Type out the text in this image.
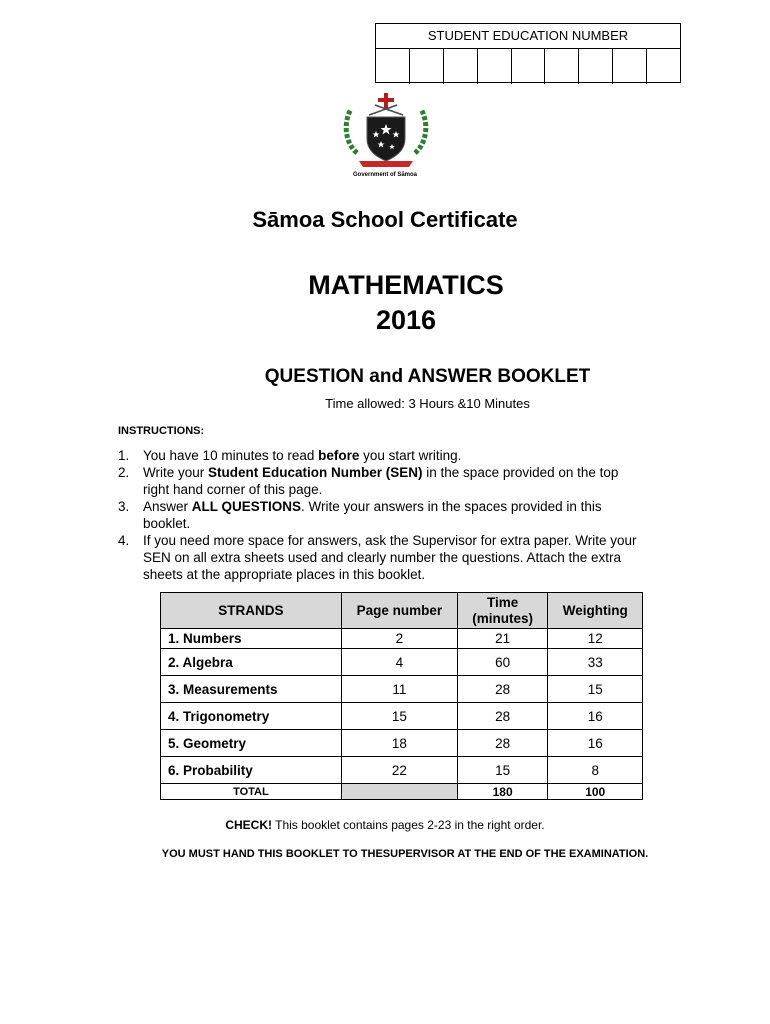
STUDENT EDUCATION NUMBER
Government of Sāmoa
Sāmoa School Certificate
MATHEMATICS
2016
QUESTION and ANSWER BOOKLET
Time allowed: 3 Hours &10 Minutes
INSTRUCTIONS:
1. You have 10 minutes to read before you start writing.
2. Write your Student Education Number (SEN) in the space provided on the top right hand corner of this page.
3. Answer ALL QUESTIONS. Write your answers in the spaces provided in this booklet.
4. If you need more space for answers, ask the Supervisor for extra paper. Write your SEN on all extra sheets used and clearly number the questions. Attach the extra sheets at the appropriate places in this booklet.
STRANDS	Page number	Time (minutes)	Weighting
1. Numbers	2	21	12
2. Algebra	4	60	33
3. Measurements	11	28	15
4. Trigonometry	15	28	16
5. Geometry	18	28	16
6. Probability	22	15	8
TOTAL		180	100
CHECK! This booklet contains pages 2-23 in the right order.
YOU MUST HAND THIS BOOKLET TO THESUPERVISOR AT THE END OF THE EXAMINATION.
